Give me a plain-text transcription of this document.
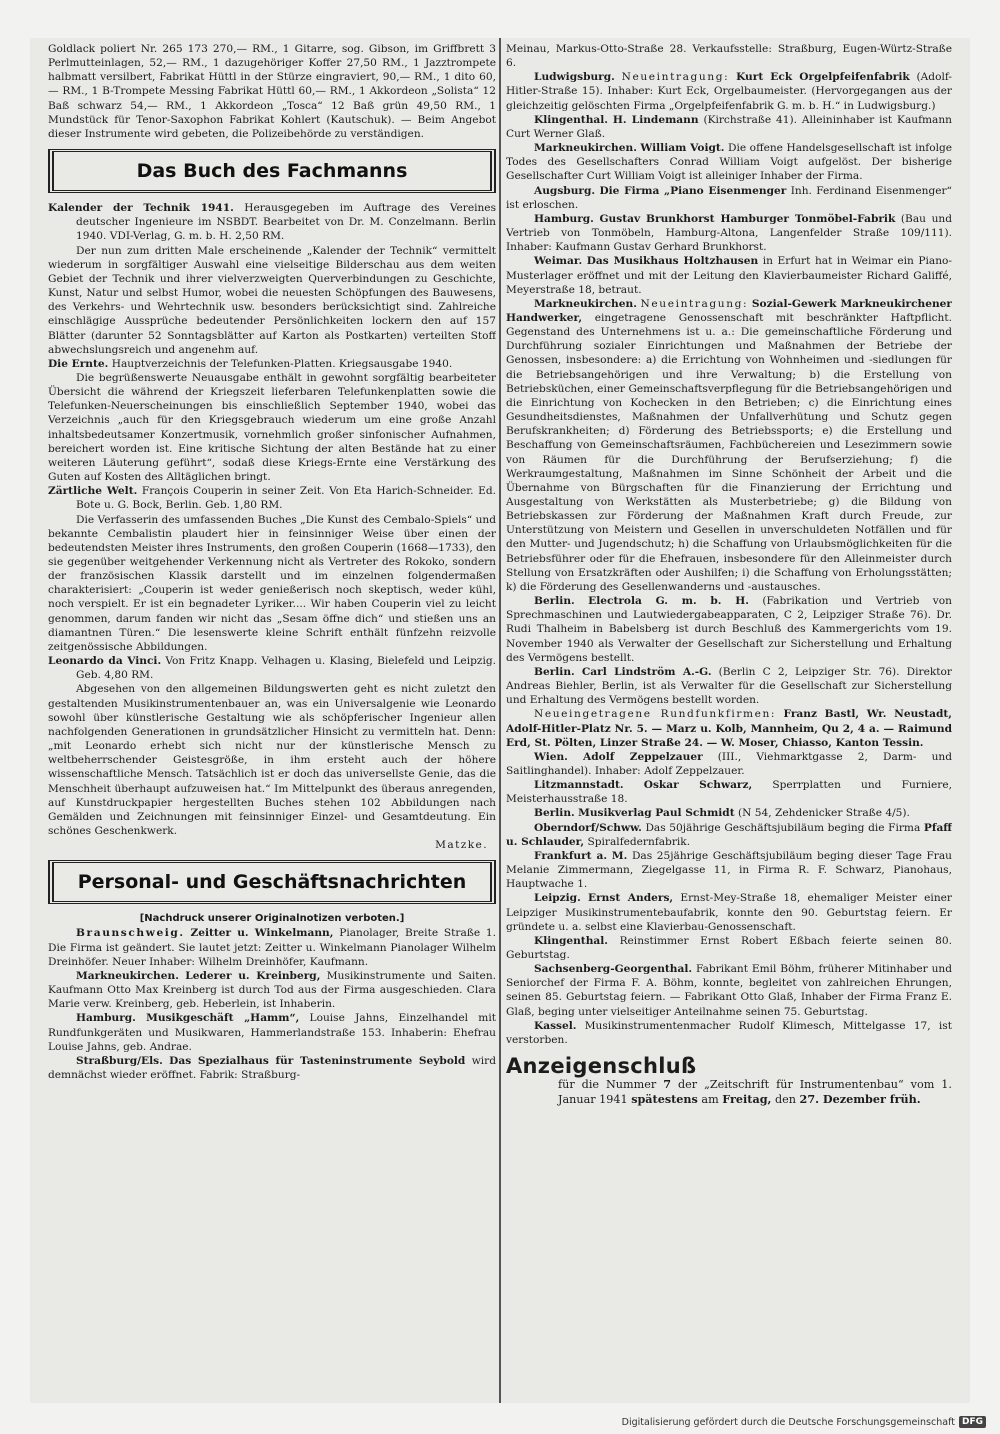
Goldlack poliert Nr. 265 173 270,— RM., 1 Gitarre, sog. Gibson, im Griffbrett 3 Perlmutteinlagen, 52,— RM., 1 dazugehöriger Koffer 27,50 RM., 1 Jazztrompete halbmatt versilbert, Fabrikat Hüttl in der Stürze eingraviert, 90,— RM., 1 dito 60,— RM., 1 B-Trompete Messing Fabrikat Hüttl 60,— RM., 1 Akkordeon „Solista“ 12 Baß schwarz 54,— RM., 1 Akkordeon „Tosca“ 12 Baß grün 49,50 RM., 1 Mundstück für Tenor-Saxophon Fabrikat Kohlert (Kautschuk). — Beim Angebot dieser Instrumente wird gebeten, die Polizeibehörde zu verständigen.

Das Buch des Fachmanns

Kalender der Technik 1941. Herausgegeben im Auftrage des Vereines deutscher Ingenieure im NSBDT. Bearbeitet von Dr. M. Conzelmann. Berlin 1940. VDI-Verlag, G. m. b. H. 2,50 RM.

Der nun zum dritten Male erscheinende „Kalender der Technik“ vermittelt wiederum in sorgfältiger Auswahl eine vielseitige Bilderschau aus dem weiten Gebiet der Technik und ihrer vielverzweigten Querverbindungen zu Geschichte, Kunst, Natur und selbst Humor, wobei die neuesten Schöpfungen des Bauwesens, des Verkehrs- und Wehrtechnik usw. besonders berücksichtigt sind. Zahlreiche einschlägige Aussprüche bedeutender Persönlichkeiten lockern den auf 157 Blätter (darunter 52 Sonntagsblätter auf Karton als Postkarten) verteilten Stoff abwechslungsreich und angenehm auf.

Die Ernte. Hauptverzeichnis der Telefunken-Platten. Kriegsausgabe 1940.

Die begrüßenswerte Neuausgabe enthält in gewohnt sorgfältig bearbeiteter Übersicht die während der Kriegszeit lieferbaren Telefunkenplatten sowie die Telefunken-Neuerscheinungen bis einschließlich September 1940, wobei das Verzeichnis „auch für den Kriegsgebrauch wiederum um eine große Anzahl inhaltsbedeutsamer Konzertmusik, vornehmlich großer sinfonischer Aufnahmen, bereichert worden ist. Eine kritische Sichtung der alten Bestände hat zu einer weiteren Läuterung geführt“, sodaß diese Kriegs-Ernte eine Verstärkung des Guten auf Kosten des Alltäglichen bringt.

Zärtliche Welt. François Couperin in seiner Zeit. Von Eta Harich-Schneider. Ed. Bote u. G. Bock, Berlin. Geb. 1,80 RM.

Die Verfasserin des umfassenden Buches „Die Kunst des Cembalo-Spiels“ und bekannte Cembalistin plaudert hier in feinsinniger Weise über einen der bedeutendsten Meister ihres Instruments, den großen Couperin (1668—1733), den sie gegenüber weitgehender Verkennung nicht als Vertreter des Rokoko, sondern der französischen Klassik darstellt und im einzelnen folgendermaßen charakterisiert: „Couperin ist weder genießerisch noch skeptisch, weder kühl, noch verspielt. Er ist ein begnadeter Lyriker.... Wir haben Couperin viel zu leicht genommen, darum fanden wir nicht das „Sesam öffne dich“ und stießen uns an diamantnen Türen.“ Die lesenswerte kleine Schrift enthält fünfzehn reizvolle zeitgenössische Abbildungen.

Leonardo da Vinci. Von Fritz Knapp. Velhagen u. Klasing, Bielefeld und Leipzig. Geb. 4,80 RM.

Abgesehen von den allgemeinen Bildungswerten geht es nicht zuletzt den gestaltenden Musikinstrumentenbauer an, was ein Universalgenie wie Leonardo sowohl über künstlerische Gestaltung wie als schöpferischer Ingenieur allen nachfolgenden Generationen in grundsätzlicher Hinsicht zu vermitteln hat. Denn: „mit Leonardo erhebt sich nicht nur der künstlerische Mensch zu weltbeherrschender Geistesgröße, in ihm ersteht auch der höhere wissenschaftliche Mensch. Tatsächlich ist er doch das universellste Genie, das die Menschheit überhaupt aufzuweisen hat.“ Im Mittelpunkt des überaus anregenden, auf Kunstdruckpapier hergestellten Buches stehen 102 Abbildungen nach Gemälden und Zeichnungen mit feinsinniger Einzel- und Gesamtdeutung. Ein schönes Geschenkwerk.

Matzke.

Personal- und Geschäftsnachrichten

[Nachdruck unserer Originalnotizen verboten.]

Braunschweig. Zeitter u. Winkelmann, Pianolager, Breite Straße 1. Die Firma ist geändert. Sie lautet jetzt: Zeitter u. Winkelmann Pianolager Wilhelm Dreinhöfer. Neuer Inhaber: Wilhelm Dreinhöfer, Kaufmann.

Markneukirchen. Lederer u. Kreinberg, Musikinstrumente und Saiten. Kaufmann Otto Max Kreinberg ist durch Tod aus der Firma ausgeschieden. Clara Marie verw. Kreinberg, geb. Heberlein, ist Inhaberin.

Hamburg. Musikgeschäft „Hamm“, Louise Jahns, Einzelhandel mit Rundfunkgeräten und Musikwaren, Hammerlandstraße 153. Inhaberin: Ehefrau Louise Jahns, geb. Andrae.

Straßburg/Els. Das Spezialhaus für Tasteninstrumente Seybold wird demnächst wieder eröffnet. Fabrik: Straßburg-

Meinau, Markus-Otto-Straße 28. Verkaufsstelle: Straßburg, Eugen-Würtz-Straße 6.

Ludwigsburg. Neueintragung: Kurt Eck Orgelpfeifenfabrik (Adolf-Hitler-Straße 15). Inhaber: Kurt Eck, Orgelbaumeister. (Hervorgegangen aus der gleichzeitig gelöschten Firma „Orgelpfeifenfabrik G. m. b. H.“ in Ludwigsburg.)

Klingenthal. H. Lindemann (Kirchstraße 41). Alleininhaber ist Kaufmann Curt Werner Glaß.

Markneukirchen. William Voigt. Die offene Handelsgesellschaft ist infolge Todes des Gesellschafters Conrad William Voigt aufgelöst. Der bisherige Gesellschafter Curt William Voigt ist alleiniger Inhaber der Firma.

Augsburg. Die Firma „Piano Eisenmenger Inh. Ferdinand Eisenmenger“ ist erloschen.

Hamburg. Gustav Brunkhorst Hamburger Tonmöbel-Fabrik (Bau und Vertrieb von Tonmöbeln, Hamburg-Altona, Langenfelder Straße 109/111). Inhaber: Kaufmann Gustav Gerhard Brunkhorst.

Weimar. Das Musikhaus Holtzhausen in Erfurt hat in Weimar ein Piano-Musterlager eröffnet und mit der Leitung den Klavierbaumeister Richard Galiffé, Meyerstraße 18, betraut.

Markneukirchen. Neueintragung: Sozial-Gewerk Markneukirchener Handwerker, eingetragene Genossenschaft mit beschränkter Haftpflicht. Gegenstand des Unternehmens ist u. a.: Die gemeinschaftliche Förderung und Durchführung sozialer Einrichtungen und Maßnahmen der Betriebe der Genossen, insbesondere: a) die Errichtung von Wohnheimen und -siedlungen für die Betriebsangehörigen und ihre Verwaltung; b) die Erstellung von Betriebsküchen, einer Gemeinschaftsverpflegung für die Betriebsangehörigen und die Einrichtung von Kochecken in den Betrieben; c) die Einrichtung eines Gesundheitsdienstes, Maßnahmen der Unfallverhütung und Schutz gegen Berufskrankheiten; d) Förderung des Betriebssports; e) die Erstellung und Beschaffung von Gemeinschaftsräumen, Fachbüchereien und Lesezimmern sowie von Räumen für die Durchführung der Berufserziehung; f) die Werkraumgestaltung, Maßnahmen im Sinne Schönheit der Arbeit und die Übernahme von Bürgschaften für die Finanzierung der Errichtung und Ausgestaltung von Werkstätten als Musterbetriebe; g) die Bildung von Betriebskassen zur Förderung der Maßnahmen Kraft durch Freude, zur Unterstützung von Meistern und Gesellen in unverschuldeten Notfällen und für den Mutter- und Jugendschutz; h) die Schaffung von Urlaubsmöglichkeiten für die Betriebsführer oder für die Ehefrauen, insbesondere für den Alleinmeister durch Stellung von Ersatzkräften oder Aushilfen; i) die Schaffung von Erholungsstätten; k) die Förderung des Gesellenwanderns und -austausches.

Berlin. Electrola G. m. b. H. (Fabrikation und Vertrieb von Sprechmaschinen und Lautwiedergabeapparaten, C 2, Leipziger Straße 76). Dr. Rudi Thalheim in Babelsberg ist durch Beschluß des Kammergerichts vom 19. November 1940 als Verwalter der Gesellschaft zur Sicherstellung und Erhaltung des Vermögens bestellt.

Berlin. Carl Lindström A.-G. (Berlin C 2, Leipziger Str. 76). Direktor Andreas Biehler, Berlin, ist als Verwalter für die Gesellschaft zur Sicherstellung und Erhaltung des Vermögens bestellt worden.

Neueingetragene Rundfunkfirmen: Franz Bastl, Wr. Neustadt, Adolf-Hitler-Platz Nr. 5. — Marz u. Kolb, Mannheim, Qu 2, 4 a. — Raimund Erd, St. Pölten, Linzer Straße 24. — W. Moser, Chiasso, Kanton Tessin.

Wien. Adolf Zeppelzauer (III., Viehmarktgasse 2, Darm- und Saitlinghandel). Inhaber: Adolf Zeppelzauer.

Litzmannstadt. Oskar Schwarz, Sperrplatten und Furniere, Meisterhausstraße 18.

Berlin. Musikverlag Paul Schmidt (N 54, Zehdenicker Straße 4/5).

Oberndorf/Schww. Das 50jährige Geschäftsjubiläum beging die Firma Pfaff u. Schlauder, Spiralfedernfabrik.

Frankfurt a. M. Das 25jährige Geschäftsjubiläum beging dieser Tage Frau Melanie Zimmermann, Ziegelgasse 11, in Firma R. F. Schwarz, Pianohaus, Hauptwache 1.

Leipzig. Ernst Anders, Ernst-Mey-Straße 18, ehemaliger Meister einer Leipziger Musikinstrumentebaufabrik, konnte den 90. Geburtstag feiern. Er gründete u. a. selbst eine Klavierbau-Genossenschaft.

Klingenthal. Reinstimmer Ernst Robert Eßbach feierte seinen 80. Geburtstag.

Sachsenberg-Georgenthal. Fabrikant Emil Böhm, früherer Mitinhaber und Seniorchef der Firma F. A. Böhm, konnte, begleitet von zahlreichen Ehrungen, seinen 85. Geburtstag feiern. — Fabrikant Otto Glaß, Inhaber der Firma Franz E. Glaß, beging unter vielseitiger Anteilnahme seinen 75. Geburtstag.

Kassel. Musikinstrumentenmacher Rudolf Klimesch, Mittelgasse 17, ist verstorben.

Anzeigenschluß

für die Nummer 7 der „Zeitschrift für Instrumentenbau“ vom 1. Januar 1941 spätestens am Freitag, den 27. Dezember früh.

Digitalisierung gefördert durch die Deutsche Forschungsgemeinschaft DFG
